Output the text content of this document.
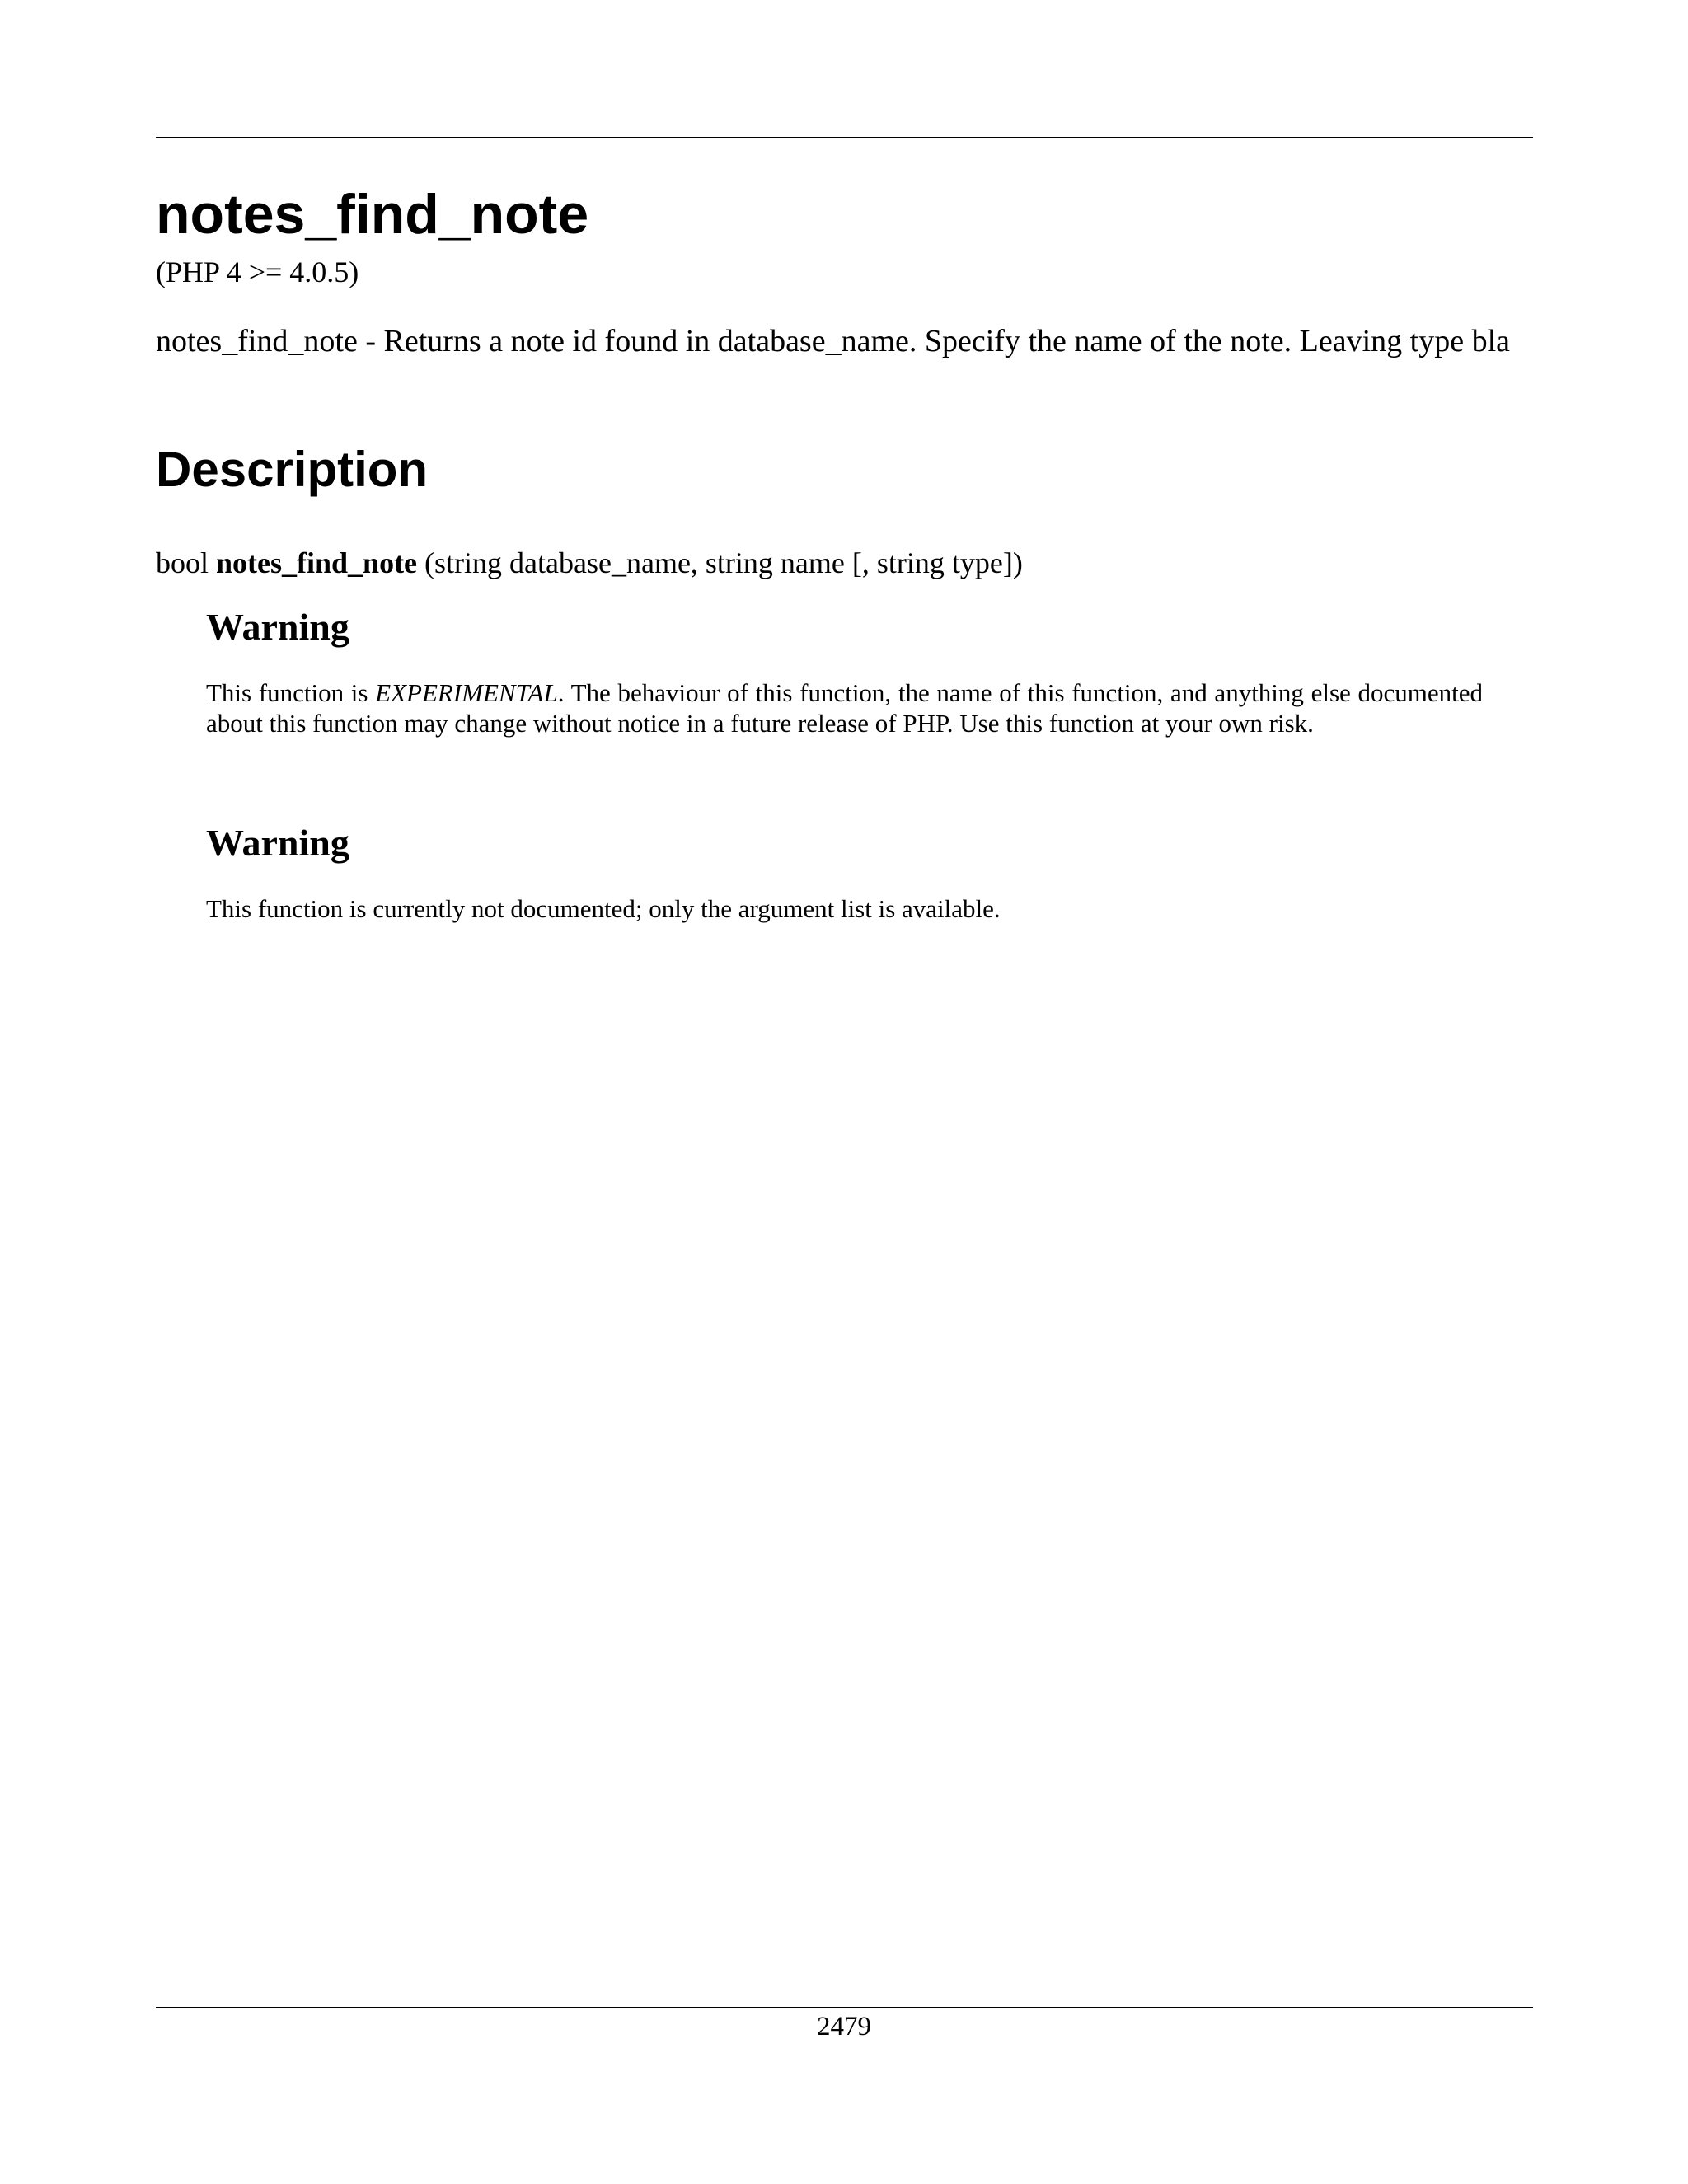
notes_find_note
(PHP 4 >= 4.0.5)
notes_find_note - Returns a note id found in database_name. Specify the name of the note. Leaving type bla
Description
bool notes_find_note (string database_name, string name [, string type])
Warning
This function is EXPERIMENTAL. The behaviour of this function, the name of this function, and anything else documented about this function may change without notice in a future release of PHP. Use this function at your own risk.
Warning
This function is currently not documented; only the argument list is available.
2479
